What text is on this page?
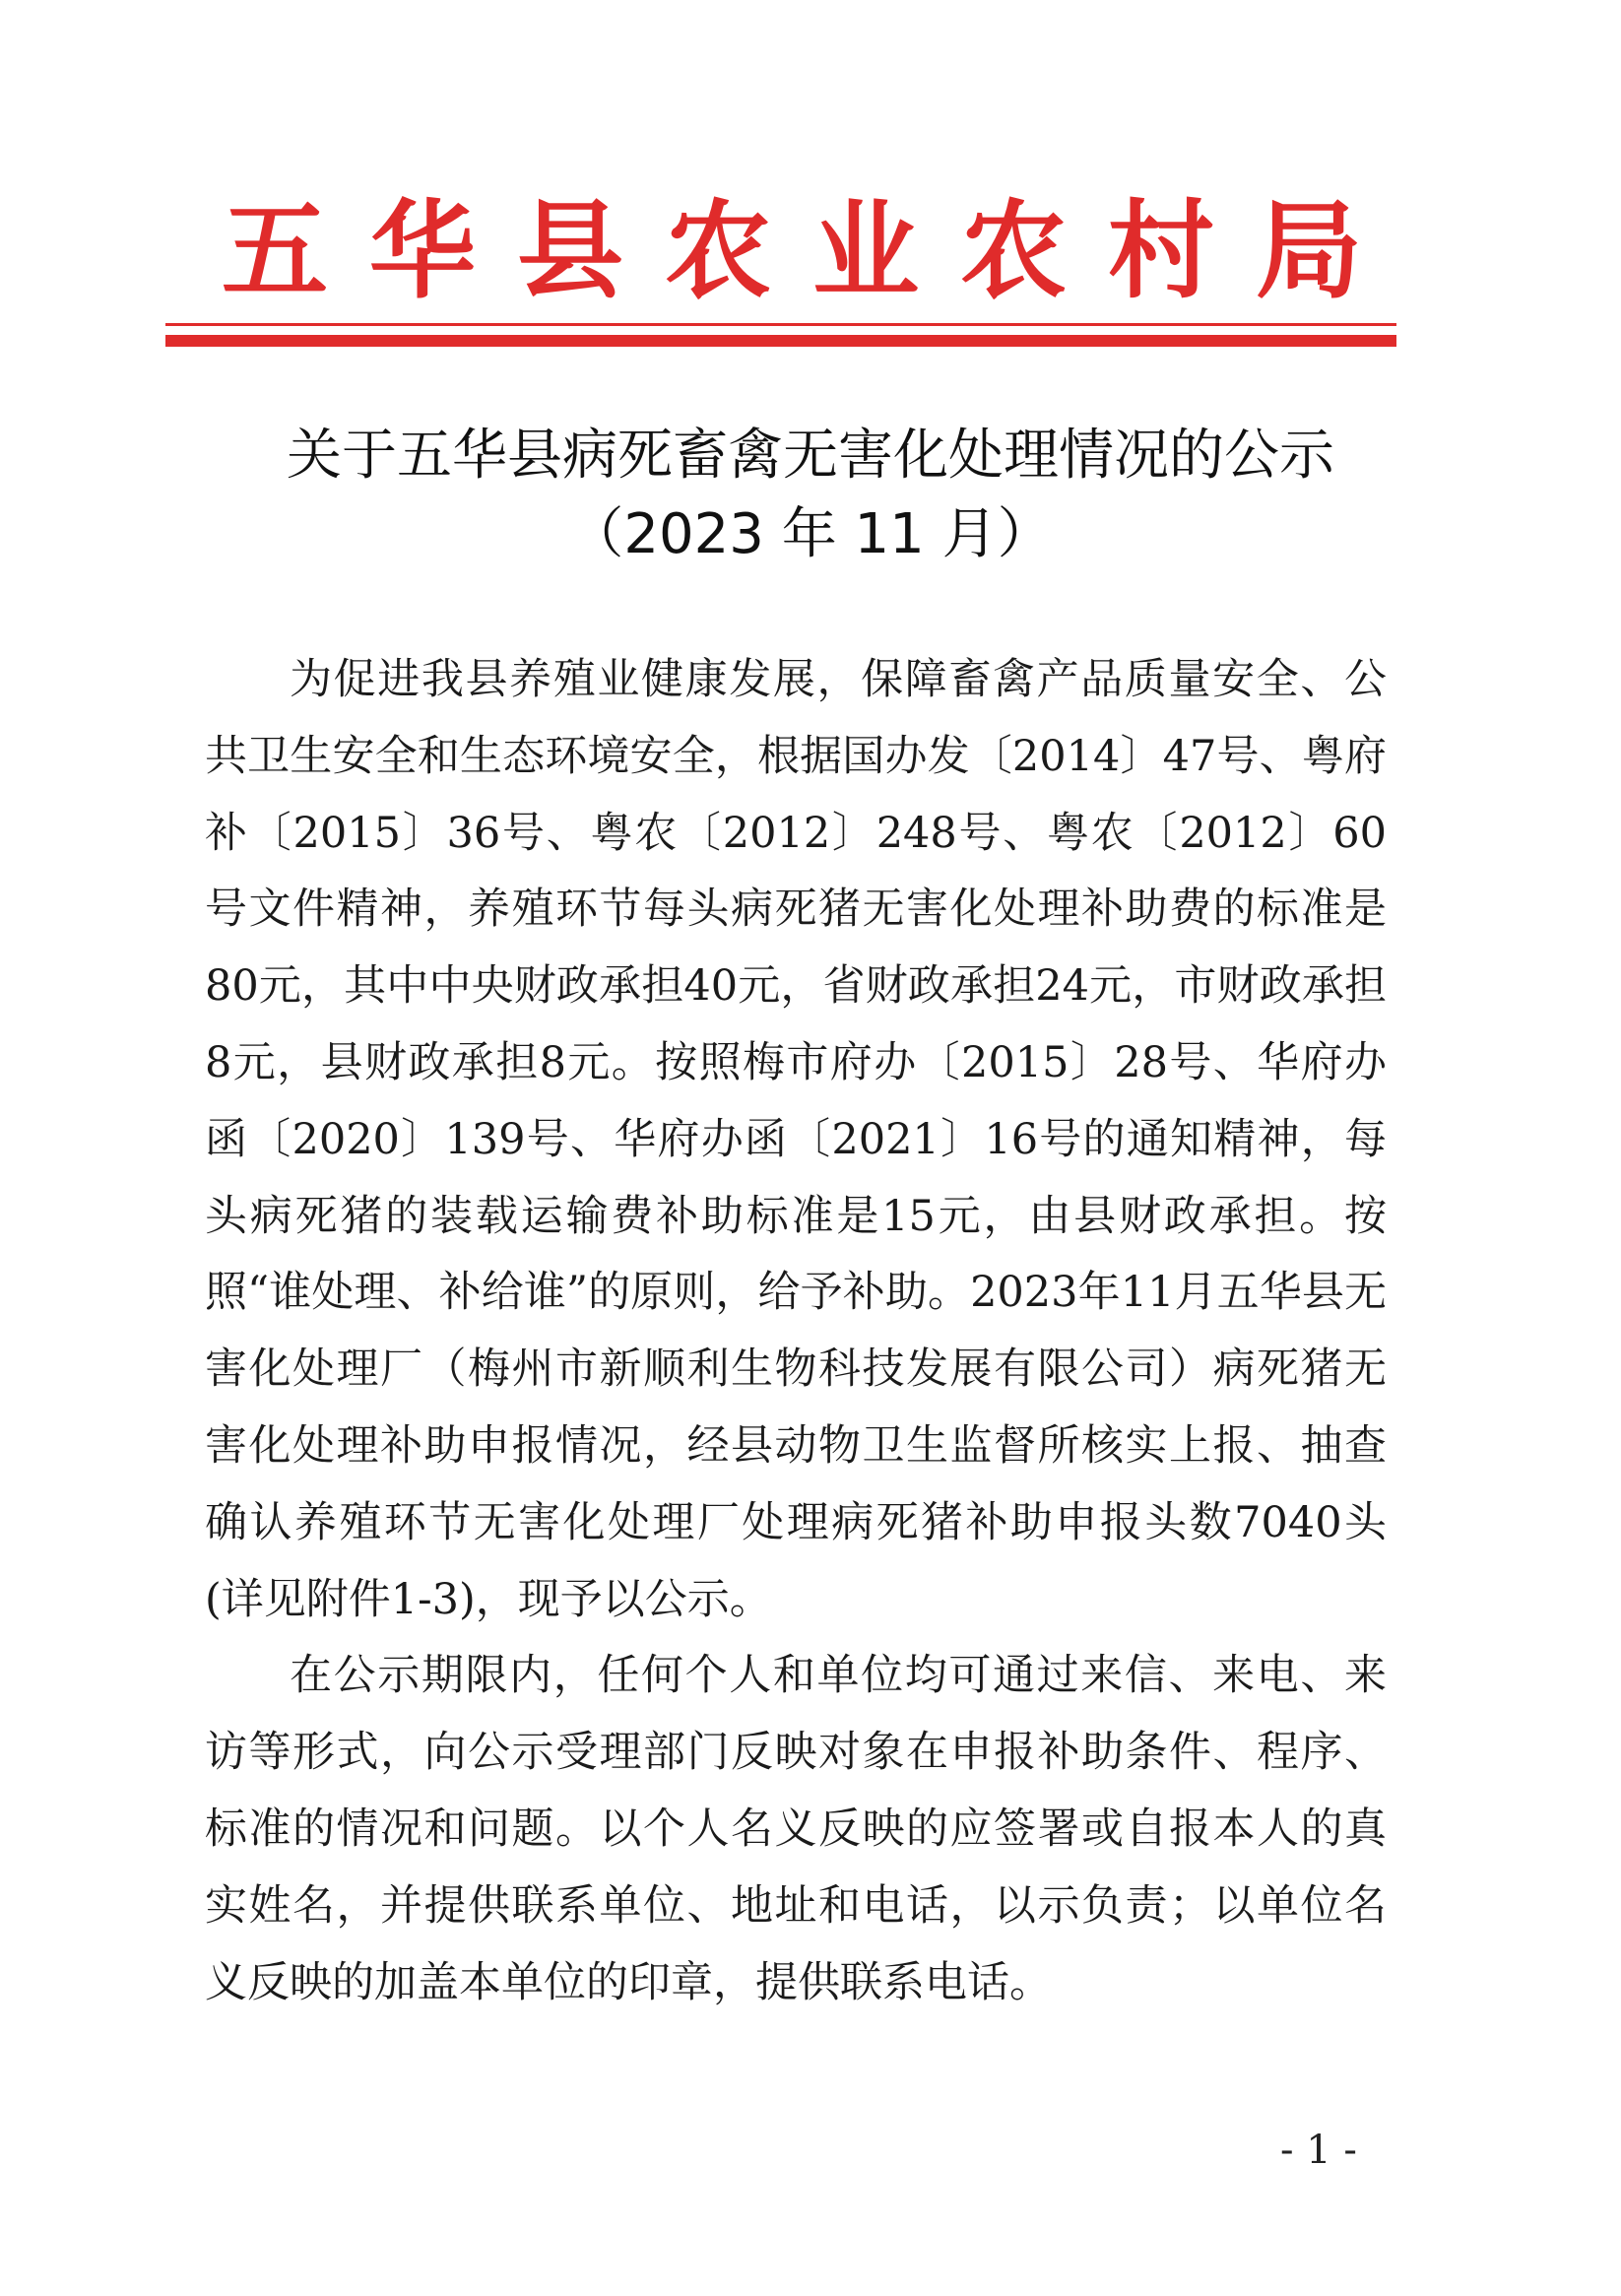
五华县农业农村局
关于五华县病死畜禽无害化处理情况的公示
（2023 年 11 月）

为促进我县养殖业健康发展，保障畜禽产品质量安全、公共卫生安全和生态环境安全，根据国办发〔2014〕47号、粤府补〔2015〕36号、粤农〔2012〕248号、粤农〔2012〕60号文件精神，养殖环节每头病死猪无害化处理补助费的标准是80元，其中中央财政承担40元，省财政承担24元，市财政承担8元，县财政承担8元。按照梅市府办〔2015〕28号、华府办函〔2020〕139号、华府办函〔2021〕16号的通知精神，每头病死猪的装载运输费补助标准是15元，由县财政承担。按照“谁处理、补给谁”的原则，给予补助。2023年11月五华县无害化处理厂（梅州市新顺利生物科技发展有限公司）病死猪无害化处理补助申报情况，经县动物卫生监督所核实上报、抽查确认养殖环节无害化处理厂处理病死猪补助申报头数7040头(详见附件1-3)，现予以公示。

在公示期限内，任何个人和单位均可通过来信、来电、来访等形式，向公示受理部门反映对象在申报补助条件、程序、标准的情况和问题。以个人名义反映的应签署或自报本人的真实姓名，并提供联系单位、地址和电话，以示负责；以单位名义反映的加盖本单位的印章，提供联系电话。

- 1 -
